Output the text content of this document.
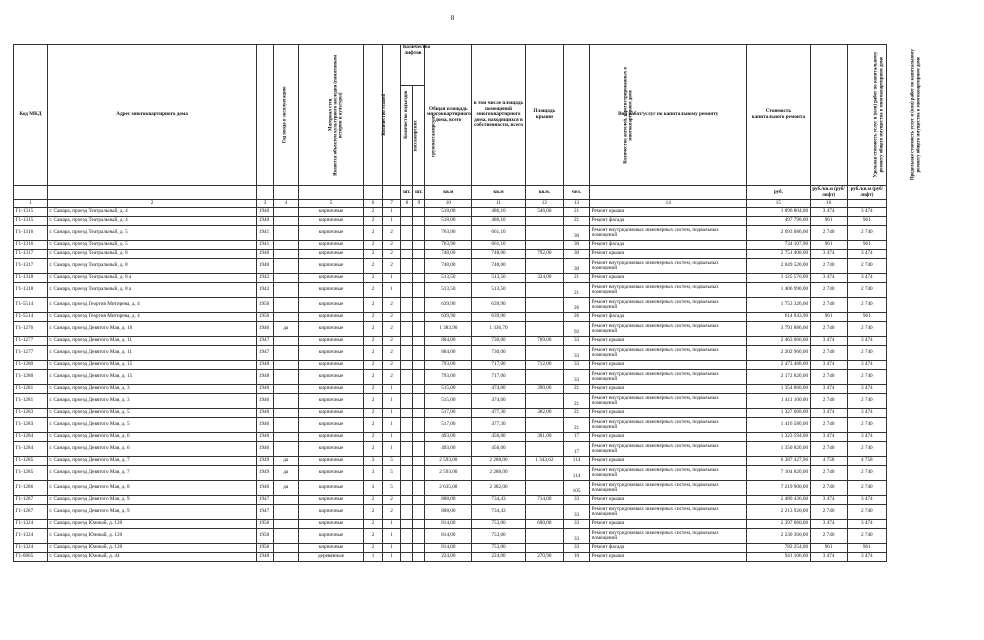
8
Код МКД	Адрес многоквартирного дома	Год ввода в эксплуатацию	Является объектом культурного наследия (памятником истории и культуры)	Материал стен	Количество этажей	Количество подъездов	Количество лифтов		Общая площадь многоквартирного дома, всего	в том числе площадь помещений многоквартирного дома, находящихся в собственности, всего	Площадь крыши	Количество жителей, зарегистрированных в многоквартирном доме	Вид работ/услуг по капитальному ремонту	Стоимость капитального ремонта	Удельная стоимость услуг и (или) работ по капитальному ремонту общего имущества в многоквартирном доме	Предельная стоимость услуг и (или) работ по капитальному ремонту общего имущества в многоквартирном доме
							пассажирских	грузопассажирских								
							шт.	шт.	кв.м	кв.м	кв.м.	чел.		руб.	руб./кв.м (руб/лифт)	руб./кв.м (руб/лифт)
1	2	3	4	5	6	7	8	9	10	11	12	13	14	15	16	
Г1-1315	г. Самара, проезд Театральный, д. 4	1940		кирпичные	2	1			518,00	486,10	546,00	21	Ремонт крыши	1 896 804,00	3 474	3 474
Г1-1315	г. Самара, проезд Театральный, д. 4	1940		кирпичные	2	1			518,00	486,10		21	Ремонт фасада	497 798,00	961	961
Г1-1316	г. Самара, проезд Театральный, д. 5	1941		кирпичные	2	2			763,90	661,10		30	Ремонт внутридомовых инженерных систем, подвальных помещений	2 093 086,00	2 740	2 740
Г1-1316	г. Самара, проезд Театральный, д. 5	1941		кирпичные	2	2			763,90	661,10		30	Ремонт фасада	734 107,90	961	961
Г1-1317	г. Самара, проезд Театральный, д. 8	1940		кирпичные	2	2			748,00	748,00	792,00	30	Ремонт крыши	2 751 408,00	3 474	3 474
Г1-1317	г. Самара, проезд Театральный, д. 8	1940		кирпичные	2	2			748,00	748,00		30	Ремонт внутридомовых инженерных систем, подвальных помещений	2 049 520,00	2 740	2 740
Г1-1318	г. Самара, проезд Театральный, д. 8 а	1942		кирпичные	2	1			513,50	513,50	324,00	21	Ремонт крыши	1 125 576,00	3 474	3 474
Г1-1318	г. Самара, проезд Театральный, д. 8 а	1942		кирпичные	2	1			513,50	513,50		21	Ремонт внутридомовых инженерных систем, подвальных помещений	1 406 990,00	2 740	2 740
Г1-5514	г. Самара, проезд Георгия Митирева, д. 4	1950		кирпичные	2	2			639,90	639,90		26	Ремонт внутридомовых инженерных систем, подвальных помещений	1 753 326,00	2 740	2 740
Г1-5514	г. Самара, проезд Георгия Митирева, д. 4	1950		кирпичные	2	2			639,90	639,90		26	Ремонт фасада	614 943,90	961	961
Г1-1276	г. Самара, проезд Девятого Мая, д. 10	1946	да	кирпичные	2	2			1 383,90	1 336,70		92	Ремонт внутридомовых инженерных систем, подвальных помещений	3 791 886,00	2 740	2 740
Г1-1277	г. Самара, проезд Девятого Мая, д. 11	1947		кирпичные	2	2			804,00	730,00	709,00	33	Ремонт крыши	2 463 066,00	3 474	3 474
Г1-1277	г. Самара, проезд Девятого Мая, д. 11	1947		кирпичные	2	2			804,00	730,00		33	Ремонт внутридомовых инженерных систем, подвальных помещений	2 202 960,00	2 740	2 740
Г1-1280	г. Самара, проезд Девятого Мая, д. 15	1948		кирпичные	2	2			793,00	717,00	712,00	33	Ремонт крыши	2 473 488,00	3 474	3 474
Г1-1280	г. Самара, проезд Девятого Мая, д. 15	1948		кирпичные	2	2			793,00	717,00		33	Ремонт внутридомовых инженерных систем, подвальных помещений	2 172 820,00	2 740	2 740
Г1-1281	г. Самара, проезд Девятого Мая, д. 3	1946		кирпичные	2	1			515,00	474,00	390,00	21	Ремонт крыши	1 354 860,00	3 474	3 474
Г1-1281	г. Самара, проезд Девятого Мая, д. 3	1946		кирпичные	2	1			515,00	474,00		21	Ремонт внутридомовых инженерных систем, подвальных помещений	1 411 100,00	2 740	2 740
Г1-1283	г. Самара, проезд Девятого Мая, д. 5	1946		кирпичные	2	1			517,00	477,30	382,00	21	Ремонт крыши	1 327 068,00	3 474	3 474
Г1-1283	г. Самара, проезд Девятого Мая, д. 5	1946		кирпичные	2	1			517,00	477,30		21	Ремонт внутридомовых инженерных систем, подвальных помещений	1 416 580,00	2 740	2 740
Г1-1284	г. Самара, проезд Девятого Мая, д. 6	1946		кирпичные	2	1			493,00	456,00	381,00	17	Ремонт крыши	1 323 594,00	3 474	3 474
Г1-1284	г. Самара, проезд Девятого Мая, д. 6	1946		кирпичные	2	1			493,00	456,00		17	Ремонт внутридомовых инженерных систем, подвальных помещений	1 350 820,00	2 740	2 740
Г1-1285	г. Самара, проезд Девятого Мая, д. 7	1949	да	кирпичные	3	5			2 593,00	2 288,00	1 343,62	114	Ремонт крыши	6 387 427,96	4 758	4 758
Г1-1285	г. Самара, проезд Девятого Мая, д. 7	1949	да	кирпичные	3	5			2 593,00	2 288,00		114	Ремонт внутридомовых инженерных систем, подвальных помещений	7 104 820,00	2 740	2 740
Г1-1286	г. Самара, проезд Девятого Мая, д. 8	1946	да	кирпичные	3	5			2 635,00	2 382,00		105	Ремонт внутридомовых инженерных систем, подвальных помещений	7 219 900,00	2 740	2 740
Г1-1287	г. Самара, проезд Девятого Мая, д. 9	1947		кирпичные	2	2			808,00	734,43	714,00	33	Ремонт крыши	2 480 436,00	3 474	3 474
Г1-1287	г. Самара, проезд Девятого Мая, д. 9	1947		кирпичные	2	2			808,00	734,43		33	Ремонт внутридомовых инженерных систем, подвальных помещений	2 213 920,00	2 740	2 740
Г1-1324	г. Самара, проезд Южный, д. 120	1950		кирпичные	2	1			814,00	753,00	690,00	33	Ремонт крыши	2 397 060,00	3 474	3 474
Г1-1324	г. Самара, проезд Южный, д. 120	1950		кирпичные	2	1			814,00	753,00		33	Ремонт внутридомовых инженерных систем, подвальных помещений	2 230 360,00	2 740	2 740
Г1-1324	г. Самара, проезд Южный, д. 120	1950		кирпичные	2	1			814,00	753,00		33	Ремонт фасада	782 254,00	961	961
Г1-6865	г. Самара, проезд Южный, д. 44	1948		деревянные	1	1			224,00	224,00	270,90	10	Ремонт крыши	941 106,60	3 474	3 474
